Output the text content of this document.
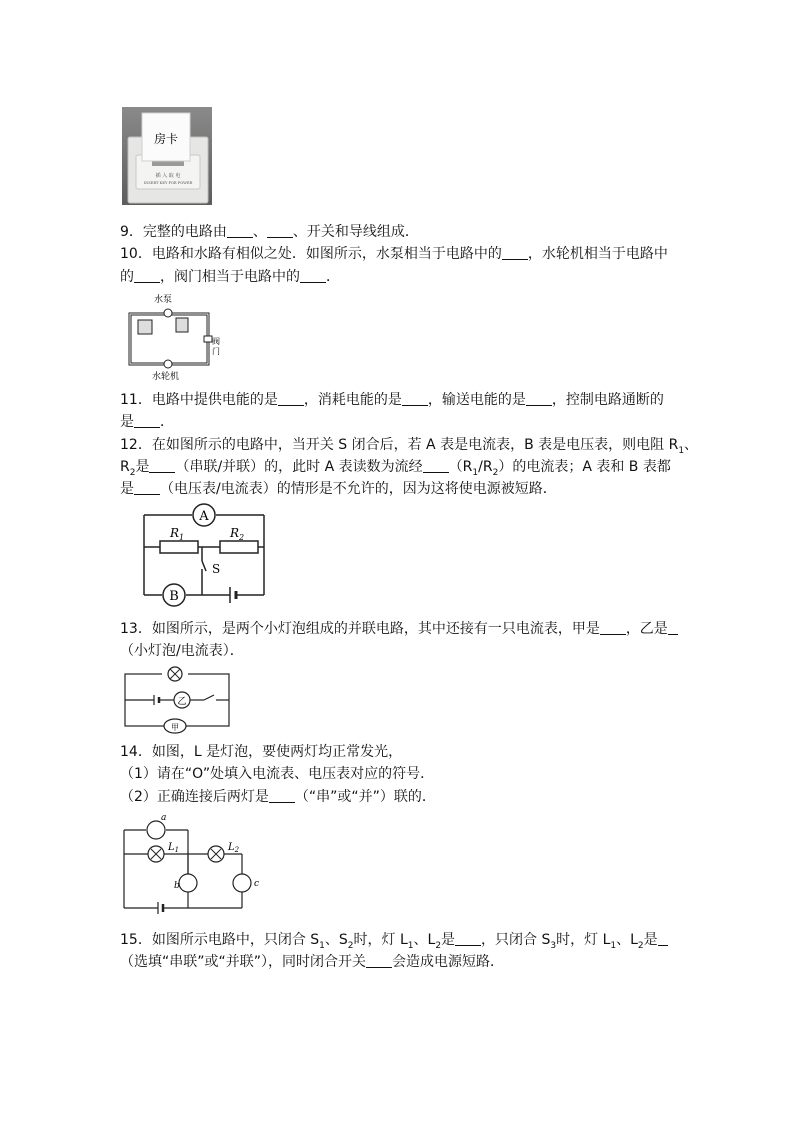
房卡
插 入 取 电
INSERT KEY FOR POWER
9．完整的电路由 、 、开关和导线组成．
10．电路和水路有相似之处．如图所示，水泵相当于电路中的 ，水轮机相当于电路中
的 ，阀门相当于电路中的 ．
水泵
阀
门
水轮机
11．电路中提供电能的是 ，消耗电能的是 ，输送电能的是 ，控制电路通断的
是 ．
12．在如图所示的电路中，当开关 S 闭合后，若 A 表是电流表，B 表是电压表，则电阻 $R_1$、
$R_2$是 （串联/并联）的，此时 A 表读数为流经 $(R_1/R_2)$的电流表；A 表和 B 表都
是 （电压表/电流表）的情形是不允许的，因为这将使电源被短路．
A
B
$R_1$	$R_2$
S
13．如图所示，是两个小灯泡组成的并联电路，其中还接有一只电流表，甲是 ，乙是
（小灯泡/电流表）．
乙
甲
14．如图，L 是灯泡，要使两灯均正常发光，
（1）请在“O”处填入电流表、电压表对应的符号．
（2）正确连接后两灯是 （“串”或“并”）联的．
a
$L_1$	$L_2$
b	c
15．如图所示电路中，只闭合 $S_1$、$S_2$时，灯 $L_1$、$L_2$是 ，只闭合 $S_3$时，灯 $L_1$、$L_2$是
（选填“串联”或“并联”），同时闭合开关 会造成电源短路．
